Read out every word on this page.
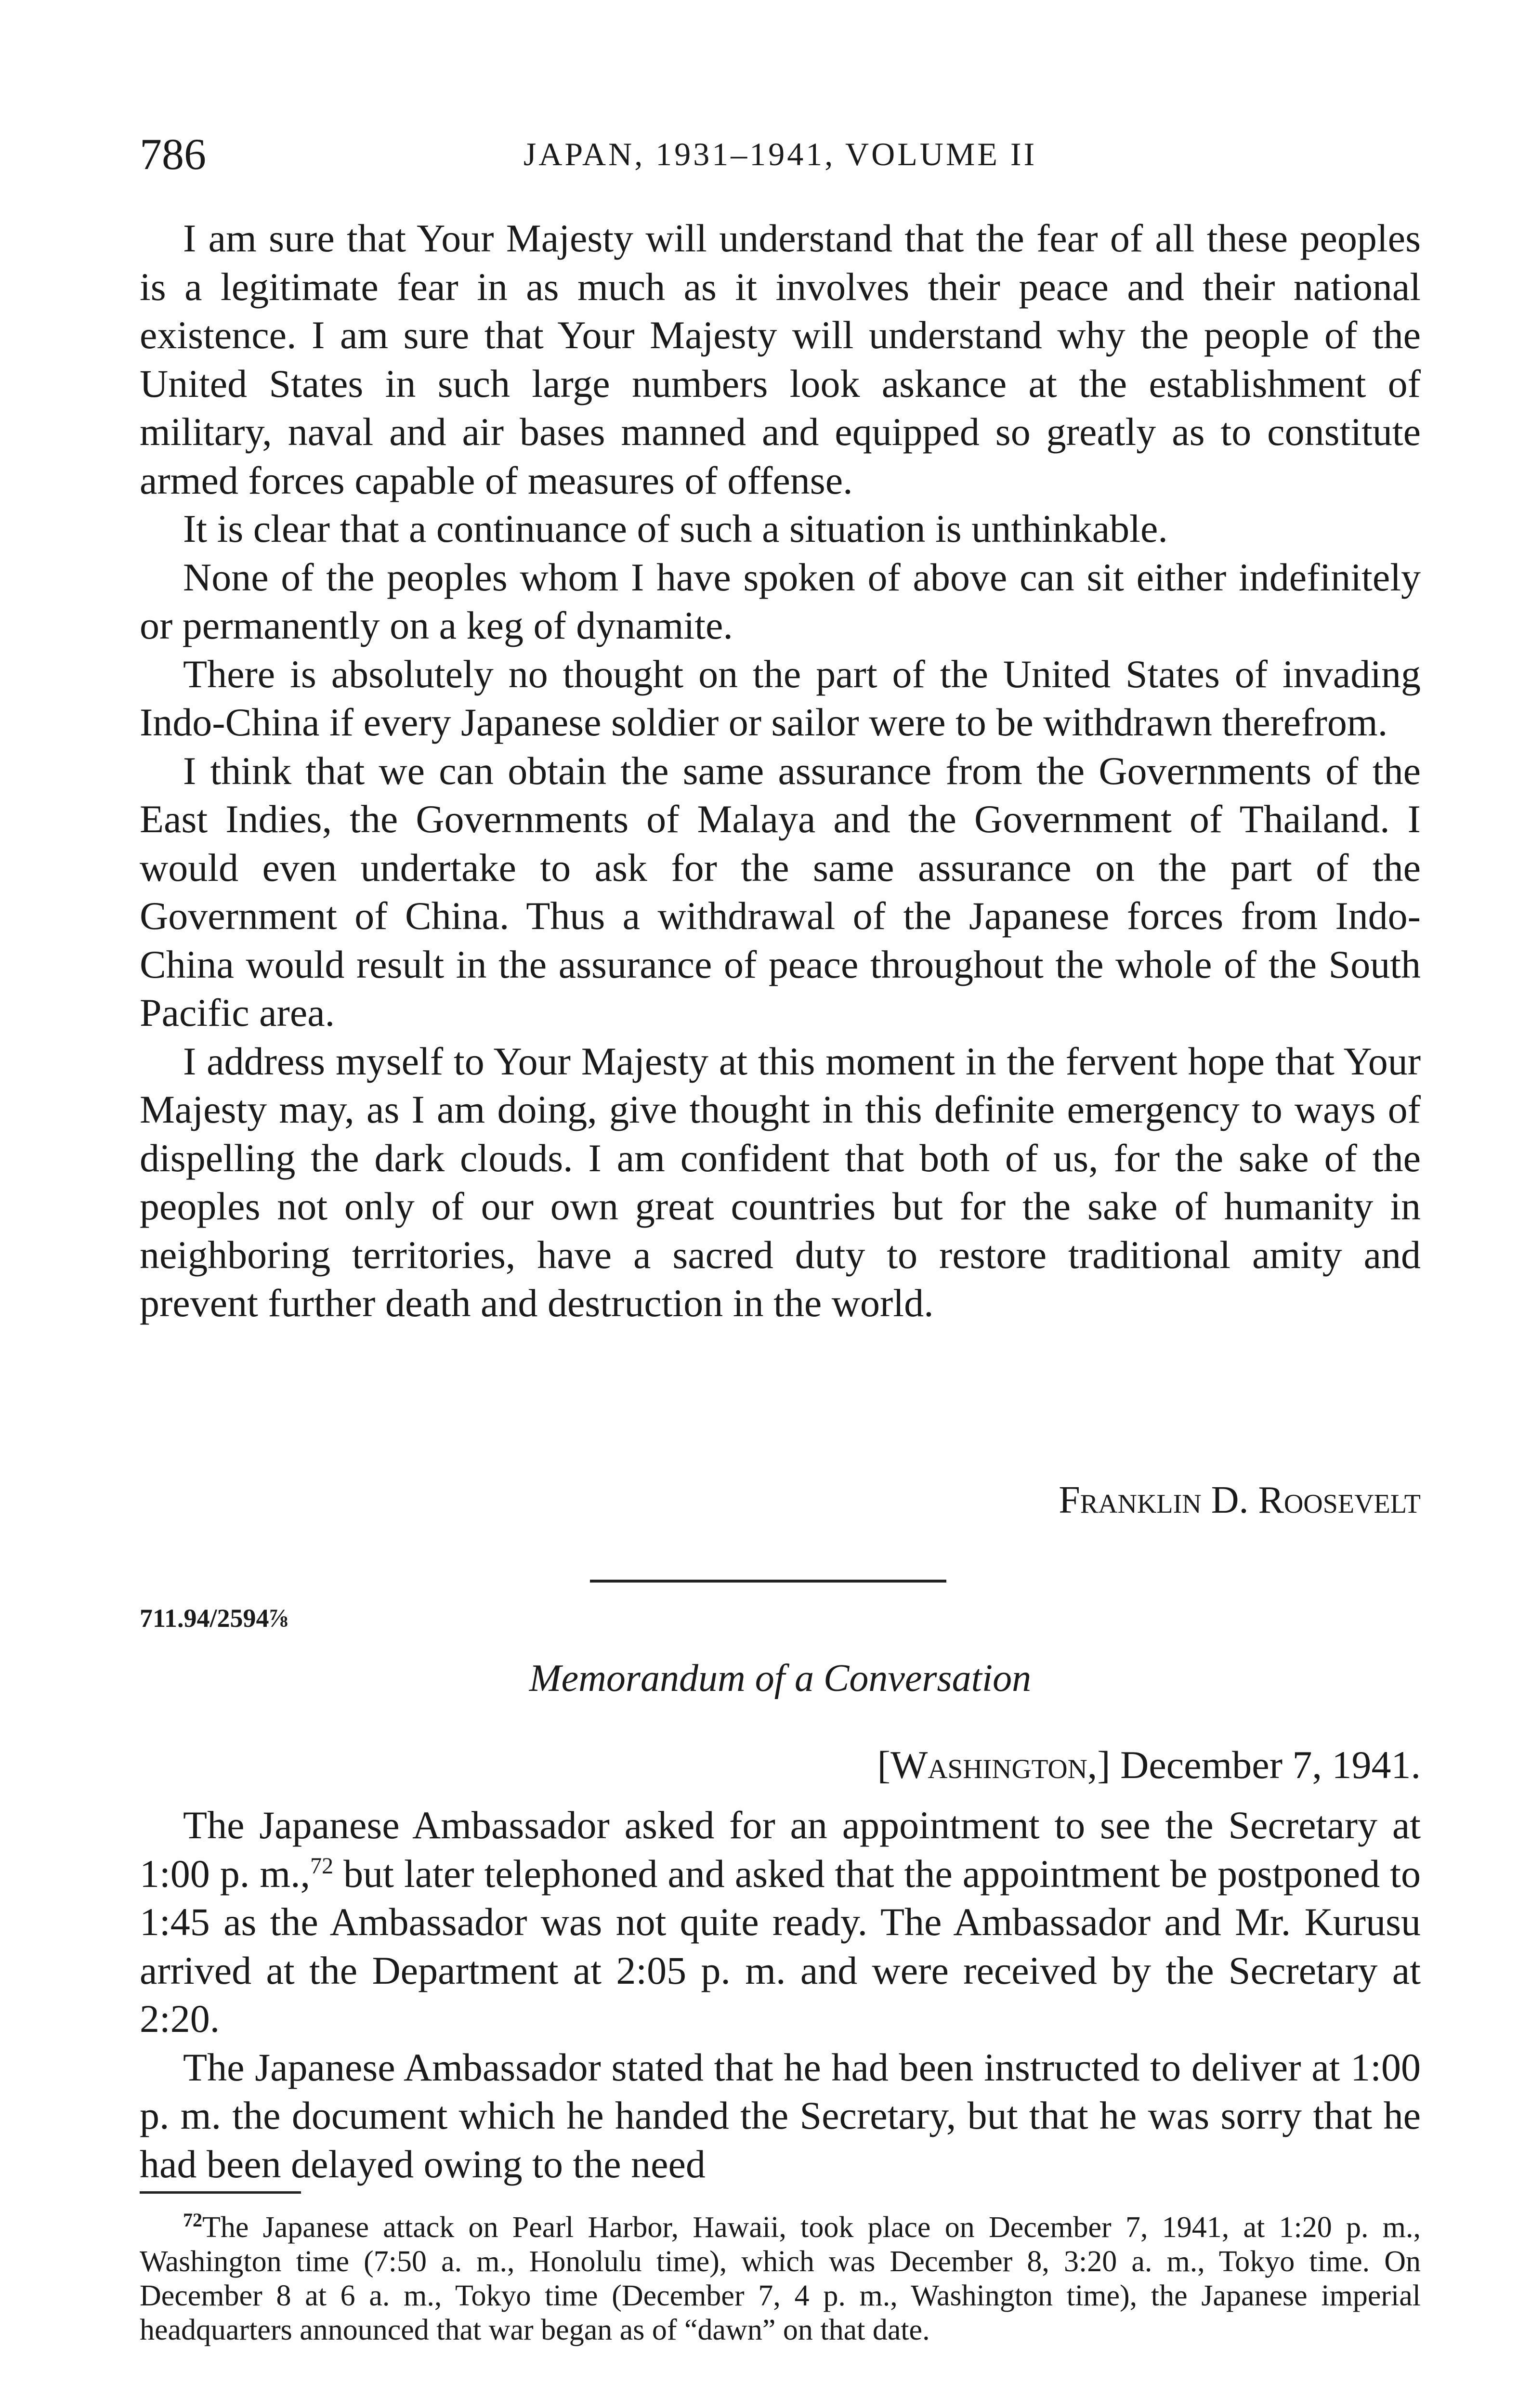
786	JAPAN, 1931–1941, VOLUME II

I am sure that Your Majesty will understand that the fear of all these peoples is a legitimate fear in as much as it involves their peace and their national existence. I am sure that Your Majesty will understand why the people of the United States in such large numbers look askance at the establishment of military, naval and air bases manned and equipped so greatly as to constitute armed forces capable of measures of offense.

It is clear that a continuance of such a situation is unthinkable.

None of the peoples whom I have spoken of above can sit either indefinitely or permanently on a keg of dynamite.

There is absolutely no thought on the part of the United States of invading Indo-China if every Japanese soldier or sailor were to be withdrawn therefrom.

I think that we can obtain the same assurance from the Governments of the East Indies, the Governments of Malaya and the Government of Thailand. I would even undertake to ask for the same assurance on the part of the Government of China. Thus a withdrawal of the Japanese forces from Indo-China would result in the assurance of peace throughout the whole of the South Pacific area.

I address myself to Your Majesty at this moment in the fervent hope that Your Majesty may, as I am doing, give thought in this definite emergency to ways of dispelling the dark clouds. I am confident that both of us, for the sake of the peoples not only of our own great countries but for the sake of humanity in neighboring territories, have a sacred duty to restore traditional amity and prevent further death and destruction in the world.

Franklin D. Roosevelt
711.94/2594⅞
Memorandum of a Conversation
[Washington,] December 7, 1941.

The Japanese Ambassador asked for an appointment to see the Secretary at 1:00 p. m.,$^{72}$ but later telephoned and asked that the appointment be postponed to 1:45 as the Ambassador was not quite ready. The Ambassador and Mr. Kurusu arrived at the Department at 2:05 p. m. and were received by the Secretary at 2:20.

The Japanese Ambassador stated that he had been instructed to deliver at 1:00 p. m. the document which he handed the Secretary, but that he was sorry that he had been delayed owing to the need

$^{72}$The Japanese attack on Pearl Harbor, Hawaii, took place on December 7, 1941, at 1:20 p. m., Washington time (7:50 a. m., Honolulu time), which was December 8, 3:20 a. m., Tokyo time. On December 8 at 6 a. m., Tokyo time (December 7, 4 p. m., Washington time), the Japanese imperial headquarters announced that war began as of “dawn” on that date.
